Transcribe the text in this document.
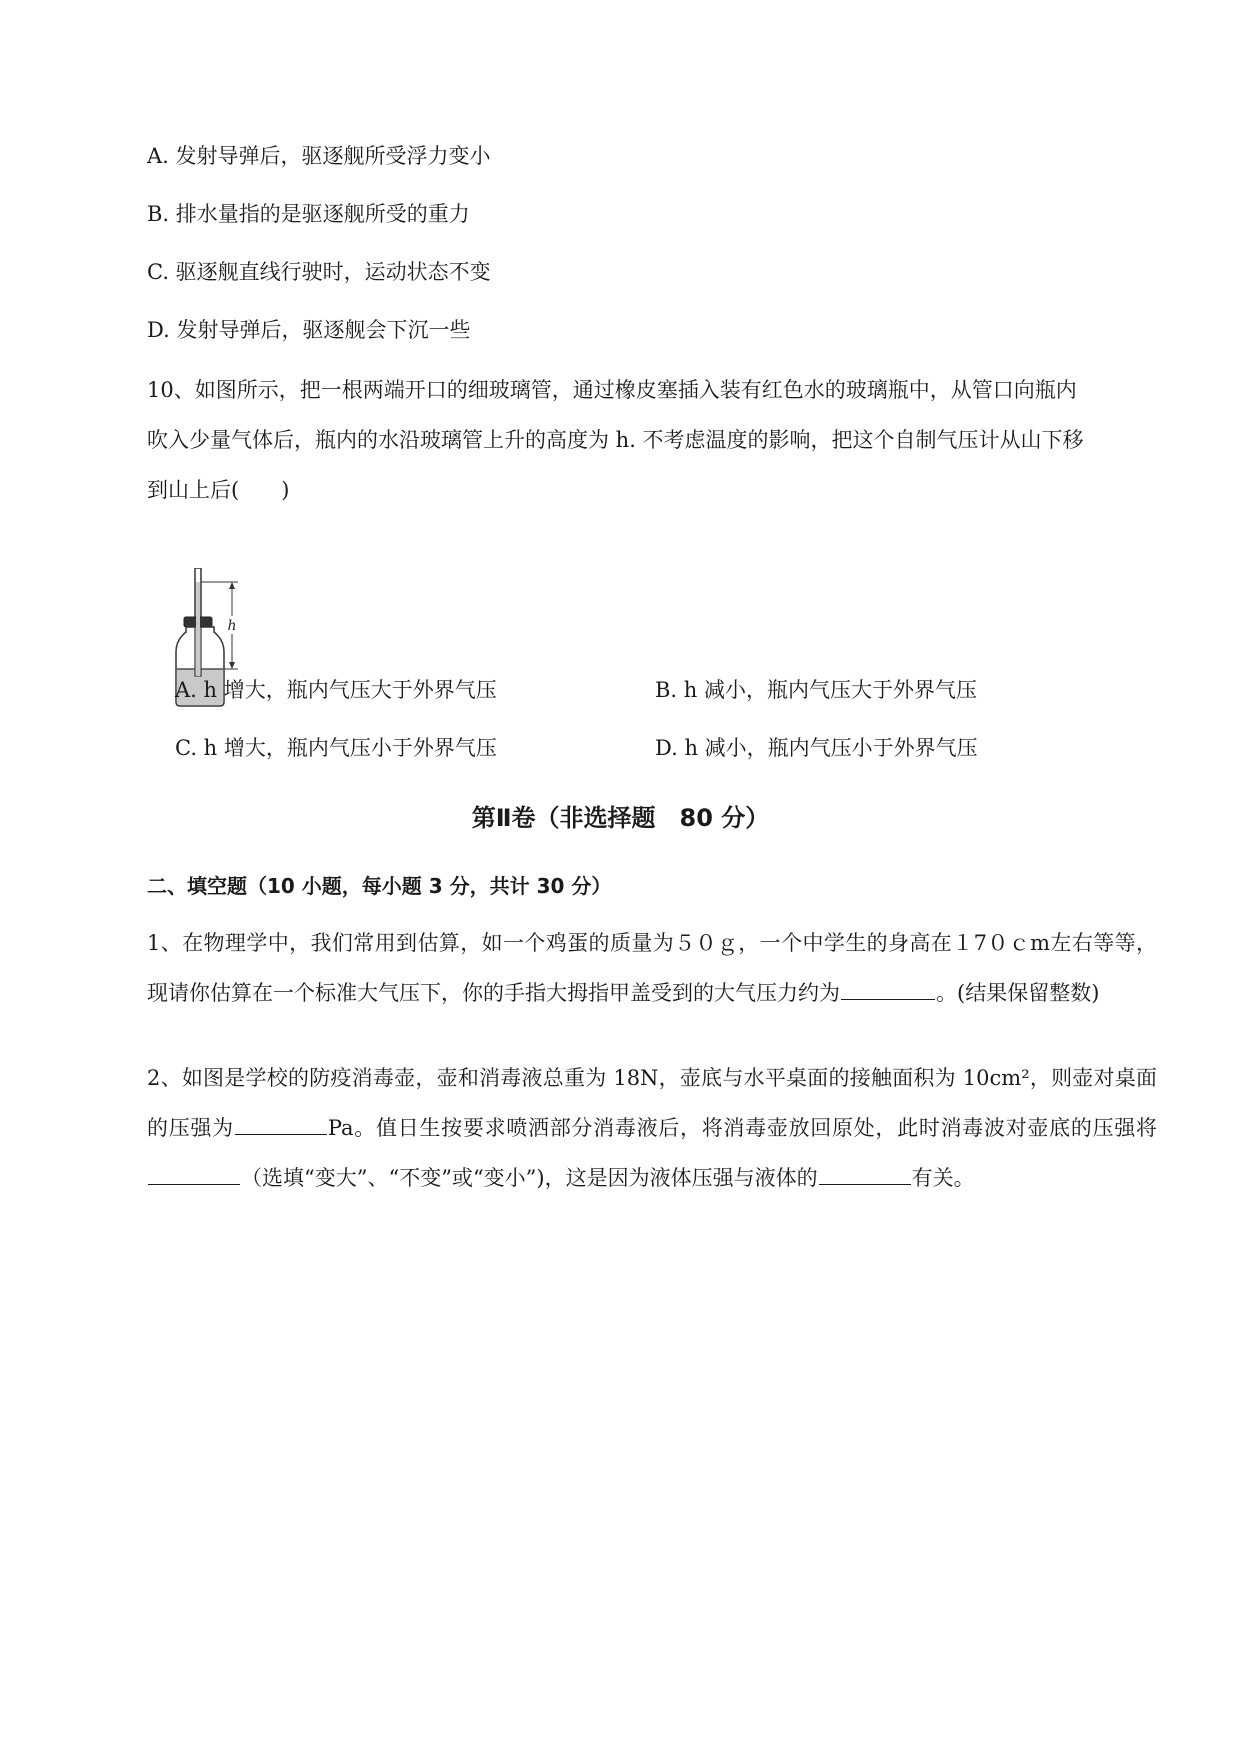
A. 发射导弹后，驱逐舰所受浮力变小
B. 排水量指的是驱逐舰所受的重力
C. 驱逐舰直线行驶时，运动状态不变
D. 发射导弹后，驱逐舰会下沉一些
10、如图所示，把一根两端开口的细玻璃管，通过橡皮塞插入装有红色水的玻璃瓶中，从管口向瓶内
吹入少量气体后，瓶内的水沿玻璃管上升的高度为 h. 不考虑温度的影响，把这个自制气压计从山下移
到山上后(　　)
h
A. h 增大，瓶内气压大于外界气压	B. h 减小，瓶内气压大于外界气压
C. h 增大，瓶内气压小于外界气压	D. h 减小，瓶内气压小于外界气压
第Ⅱ卷（非选择题　80 分）
二、填空题（10 小题，每小题 3 分，共计 30 分）
1、在物理学中，我们常用到估算，如一个鸡蛋的质量为５０ｇ，一个中学生的身高在１7０ｃm左右等等，现请你估算在一个标准大气压下，你的手指大拇指甲盖受到的大气压力约为	。(结果保留整数)
2、如图是学校的防疫消毒壶，壶和消毒液总重为 18N，壶底与水平桌面的接触面积为 10cm²，则壶对桌面的压强为	Pa。值日生按要求喷洒部分消毒液后，将消毒壶放回原处，此时消毒波对壶底的压强将（选填“变大”、“不变”或“变小”)，这是因为液体压强与液体的	有关。
